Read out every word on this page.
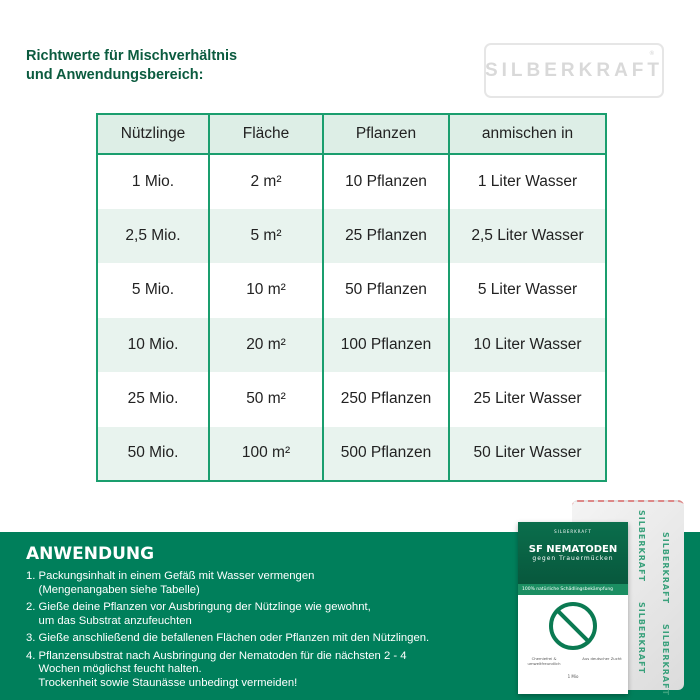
Richtwerte für Mischverhältnis
und Anwendungsbereich:	SILBERKRAFT
®
Nützlinge	Fläche	Pflanzen	anmischen in
1 Mio.	2 m²	10 Pflanzen	1 Liter Wasser
2,5 Mio.	5 m²	25 Pflanzen	2,5 Liter Wasser
5 Mio.	10 m²	50 Pflanzen	5 Liter Wasser
10 Mio.	20 m²	100 Pflanzen	10 Liter Wasser
25 Mio.	50 m²	250 Pflanzen	25 Liter Wasser
50 Mio.	100 m²	500 Pflanzen	50 Liter Wasser
ANWENDUNG
1. Packungsinhalt in einem Gefäß mit Wasser vermengen
(Mengenangaben siehe Tabelle)
2. Gieße deine Pflanzen vor Ausbringung der Nützlinge wie gewohnt,
um das Substrat anzufeuchten
3. Gieße anschließend die befallenen Flächen oder Pflanzen mit den Nützlingen.
4. Pflanzensubstrat nach Ausbringung der Nematoden für die nächsten 2 - 4
Wochen möglichst feucht halten.
Trockenheit sowie Staunässe unbedingt vermeiden!
SILBERKRAFT
SILBERKRAFT
SILBERKRAFT
SILBERKRAFT
SILBERKRAFT
SF NEMATODEN
gegen Trauermücken
100% natürliche Schädlingsbekämpfung
Chemiefrei & umweltfreundlich
Aus deutscher Zucht
1 Mio
